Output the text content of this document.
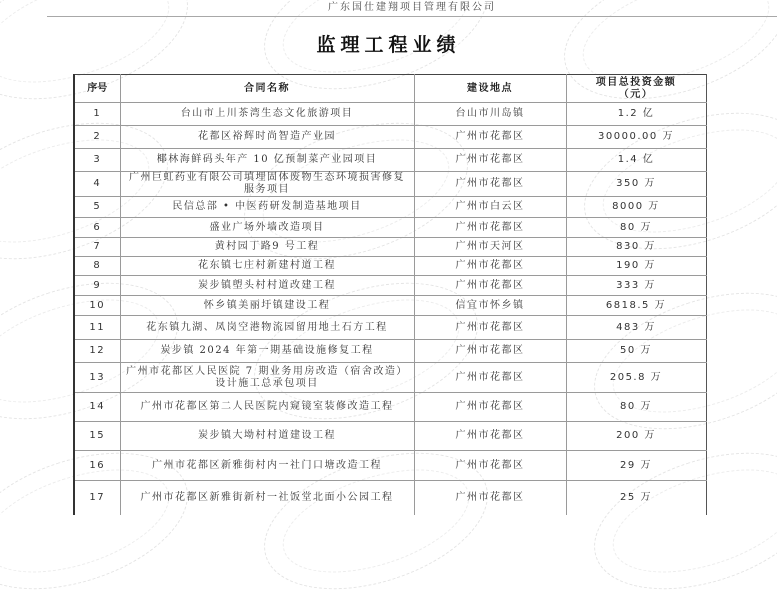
广东国仕建翔项目管理有限公司
监理工程业绩
序号	合同名称	建设地点	项目总投资金额（元）
1	台山市上川茶湾生态文化旅游项目	台山市川岛镇	1.2 亿
2	花都区裕辉时尚智造产业园	广州市花都区	30000.00 万
3	椰林海鲜码头年产 10 亿预制菜产业园项目	广州市花都区	1.4 亿
4	广州巨虹药业有限公司填埋固体废物生态环境损害修复服务项目	广州市花都区	350 万
5	民信总部 • 中医药研发制造基地项目	广州市白云区	8000 万
6	盛业广场外墙改造项目	广州市花都区	80 万
7	黄村园丁路9 号工程	广州市天河区	830 万
8	花东镇七庄村新建村道工程	广州市花都区	190 万
9	炭步镇塱头村村道改建工程	广州市花都区	333 万
10	怀乡镇美丽圩镇建设工程	信宜市怀乡镇	6818.5 万
11	花东镇九湖、凤岗空港物流园留用地土石方工程	广州市花都区	483 万
12	炭步镇 2024 年第一期基础设施修复工程	广州市花都区	50 万
13	广州市花都区人民医院 7 期业务用房改造（宿舍改造）设计施工总承包项目	广州市花都区	205.8 万
14	广州市花都区第二人民医院内窥镜室装修改造工程	广州市花都区	80 万
15	炭步镇大坳村村道建设工程	广州市花都区	200 万
16	广州市花都区新雅街村内一社门口塘改造工程	广州市花都区	29 万
17	广州市花都区新雅街新村一社饭堂北面小公园工程	广州市花都区	25 万
